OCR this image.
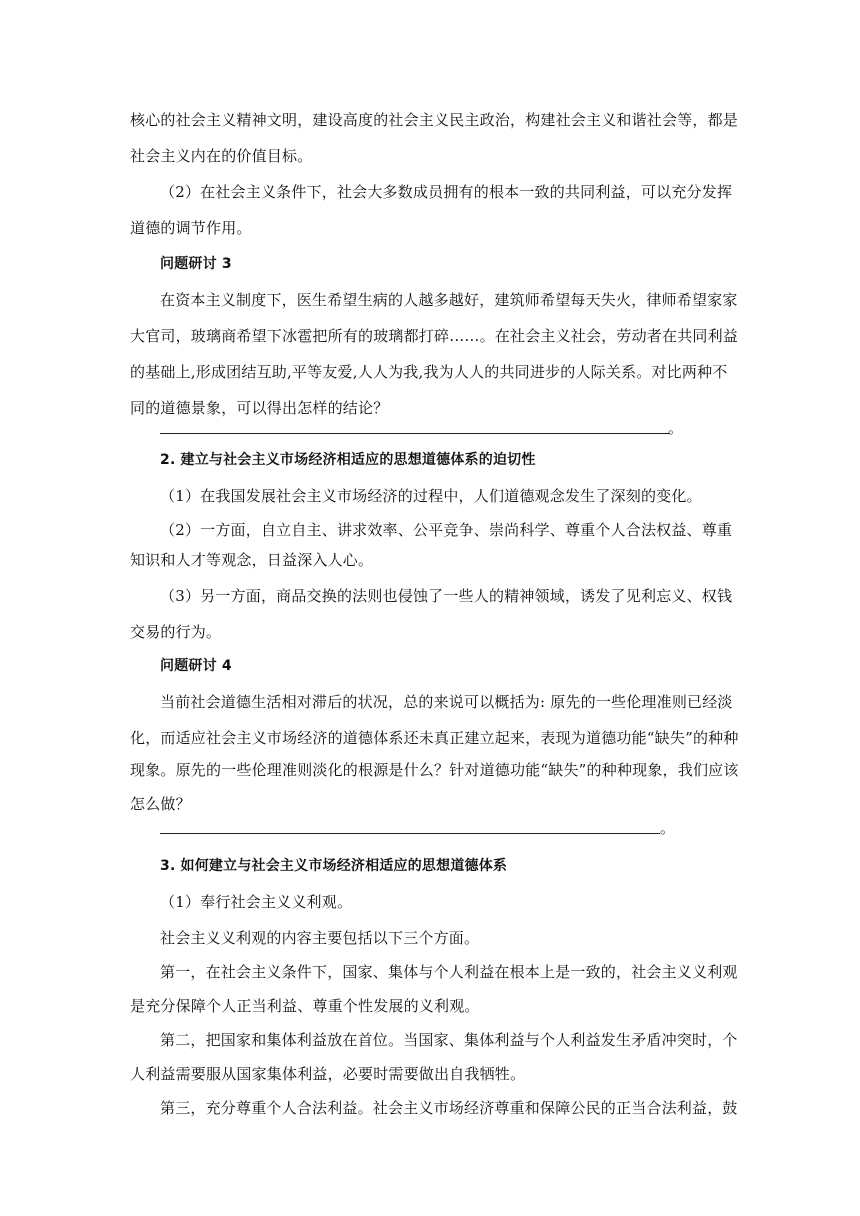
核心的社会主义精神文明，建设高度的社会主义民主政治，构建社会主义和谐社会等，都是
社会主义内在的价值目标。
（2）在社会主义条件下，社会大多数成员拥有的根本一致的共同利益，可以充分发挥
道德的调节作用。
问题研讨 3
在资本主义制度下，医生希望生病的人越多越好，建筑师希望每天失火，律师希望家家
大官司，玻璃商希望下冰雹把所有的玻璃都打碎……。在社会主义社会，劳动者在共同利益
的基础上,形成团结互助,平等友爱,人人为我,我为人人的共同进步的人际关系。对比两种不
同的道德景象，可以得出怎样的结论？
。
2. 建立与社会主义市场经济相适应的思想道德体系的迫切性
（1）在我国发展社会主义市场经济的过程中，人们道德观念发生了深刻的变化。
（2）一方面，自立自主、讲求效率、公平竞争、崇尚科学、尊重个人合法权益、尊重
知识和人才等观念，日益深入人心。
（3）另一方面，商品交换的法则也侵蚀了一些人的精神领域，诱发了见利忘义、权钱
交易的行为。
问题研讨 4
当前社会道德生活相对滞后的状况，总的来说可以概括为: 原先的一些伦理准则已经淡
化，而适应社会主义市场经济的道德体系还未真正建立起来，表现为道德功能“缺失”的种种
现象。原先的一些伦理准则淡化的根源是什么？针对道德功能“缺失”的种种现象，我们应该
怎么做？
。
3. 如何建立与社会主义市场经济相适应的思想道德体系
（1）奉行社会主义义利观。
社会主义义利观的内容主要包括以下三个方面。
第一，在社会主义条件下，国家、集体与个人利益在根本上是一致的，社会主义义利观
是充分保障个人正当利益、尊重个性发展的义利观。
第二，把国家和集体利益放在首位。当国家、集体利益与个人利益发生矛盾冲突时，个
人利益需要服从国家集体利益，必要时需要做出自我牺牲。
第三，充分尊重个人合法利益。社会主义市场经济尊重和保障公民的正当合法利益，鼓
